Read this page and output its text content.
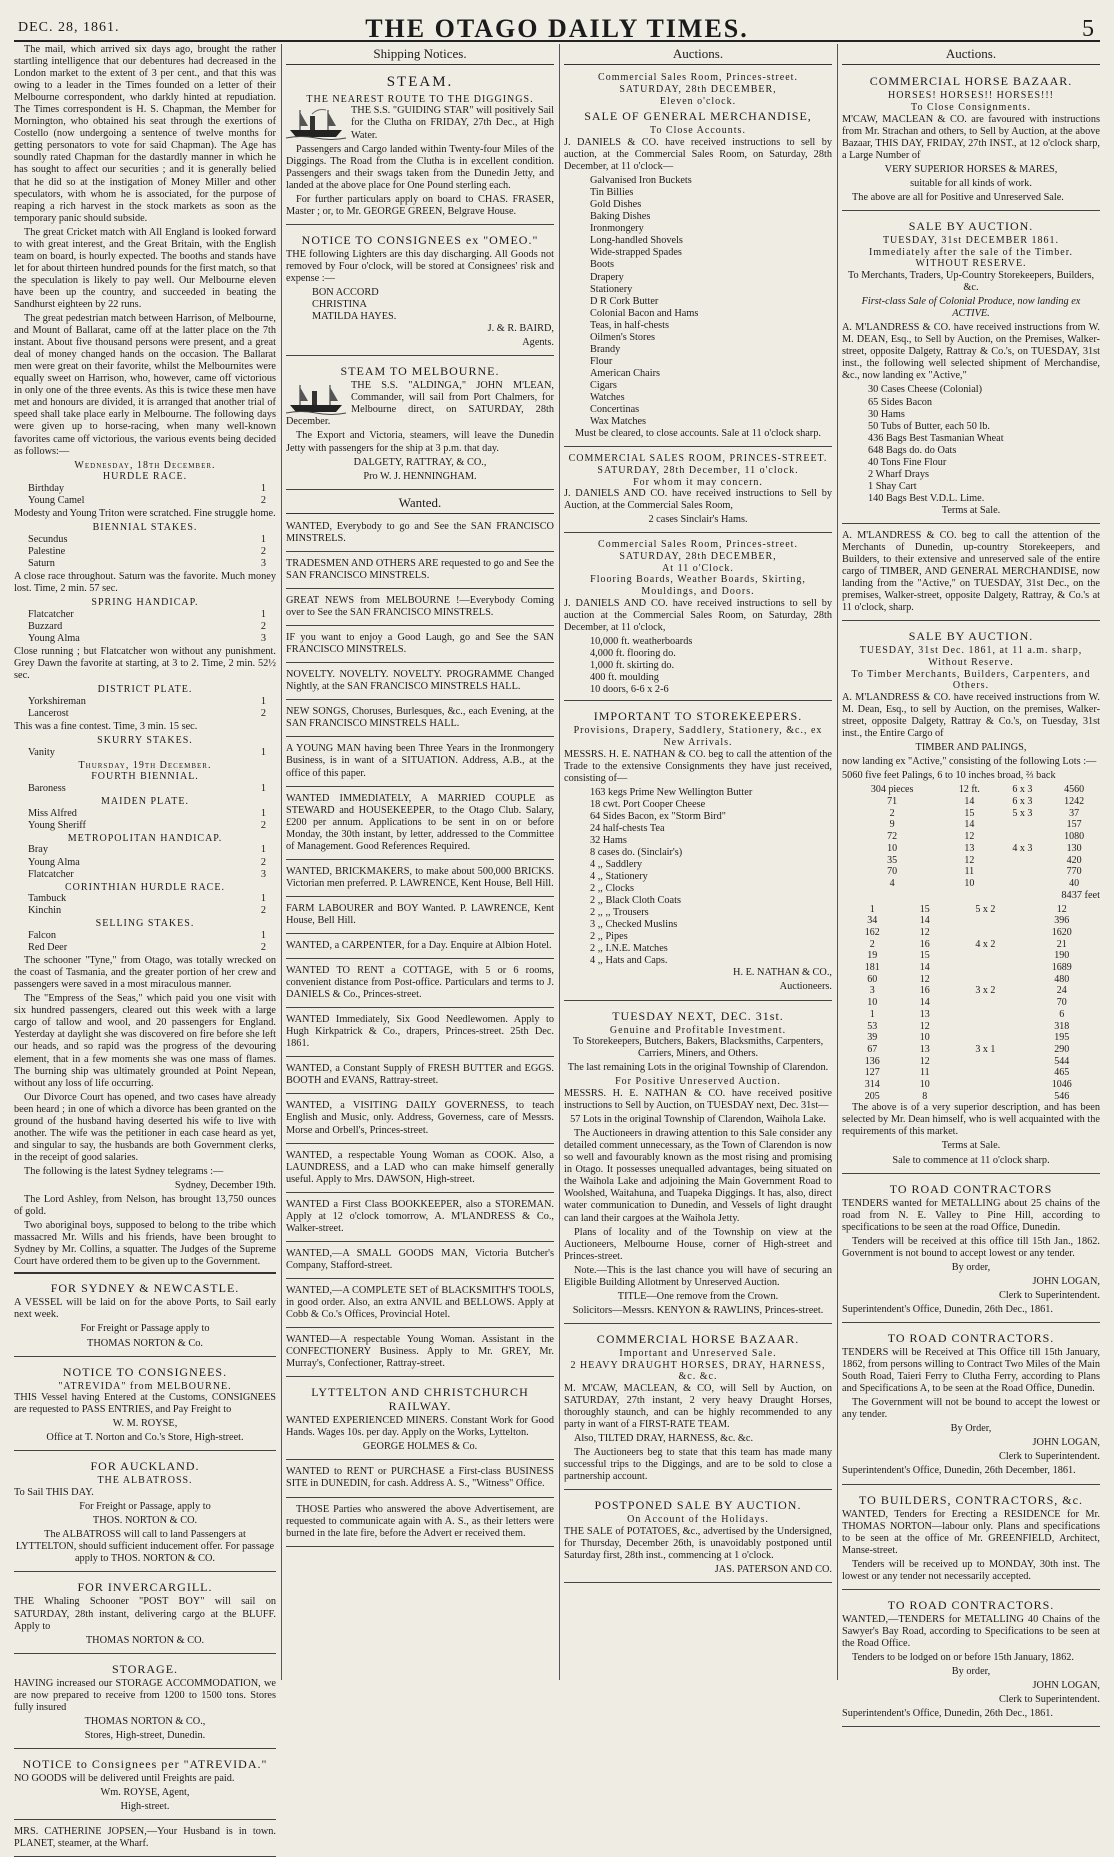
DEC. 28, 1861.	THE OTAGO DAILY TIMES.	5

The mail, which arrived six days ago, brought the rather startling intelligence that our debentures had decreased in the London market to the extent of 3 per cent., and that this was owing to a leader in the Times founded on a letter of their Melbourne correspondent, who darkly hinted at repudiation. The Times correspondent is H. S. Chapman, the Member for Mornington, who obtained his seat through the exertions of Costello (now undergoing a sentence of twelve months for getting personators to vote for said Chapman). The Age has soundly rated Chapman for the dastardly manner in which he has sought to affect our securities ; and it is generally belied that he did so at the instigation of Money Miller and other speculators, with whom he is associated, for the purpose of reaping a rich harvest in the stock markets as soon as the temporary panic should subside.

The great Cricket match with All England is looked forward to with great interest, and the Great Britain, with the English team on board, is hourly expected. The booths and stands have let for about thirteen hundred pounds for the first match, so that the speculation is likely to pay well. Our Melbourne eleven have been up the country, and succeeded in beating the Sandhurst eighteen by 22 runs.

The great pedestrian match between Harrison, of Melbourne, and Mount of Ballarat, came off at the latter place on the 7th instant. About five thousand persons were present, and a great deal of money changed hands on the occasion. The Ballarat men were great on their favorite, whilst the Melbournites were equally sweet on Harrison, who, however, came off victorious in only one of the three events. As this is twice these men have met and honours are divided, it is arranged that another trial of speed shall take place early in Melbourne. The following days were given up to horse-racing, when many well-known favorites came off victorious, the various events being decided as follows:—

Wednesday, 18th December.
HURDLE RACE.
Birthday	1
Young Camel	2

Modesty and Young Triton were scratched. Fine struggle home.

BIENNIAL STAKES.
Secundus	1
Palestine	2
Saturn	3

A close race throughout. Saturn was the favorite. Much money lost. Time, 2 min. 57 sec.

SPRING HANDICAP.
Flatcatcher	1
Buzzard	2
Young Alma	3

Close running ; but Flatcatcher won without any punishment. Grey Dawn the favorite at starting, at 3 to 2. Time, 2 min. 52½ sec.

DISTRICT PLATE.
Yorkshireman	1
Lancerost	2

This was a fine contest. Time, 3 min. 15 sec.

SKURRY STAKES.
Vanity	1
Thursday, 19th December.
FOURTH BIENNIAL.
Baroness	1
MAIDEN PLATE.
Miss Alfred	1
Young Sheriff	2
METROPOLITAN HANDICAP.
Bray	1
Young Alma	2
Flatcatcher	3
CORINTHIAN HURDLE RACE.
Tambuck	1
Kinchin	2
SELLING STAKES.
Falcon	1
Red Deer	2

The schooner "Tyne," from Otago, was totally wrecked on the coast of Tasmania, and the greater portion of her crew and passengers were saved in a most miraculous manner.

The "Empress of the Seas," which paid you one visit with six hundred passengers, cleared out this week with a large cargo of tallow and wool, and 20 passengers for England. Yesterday at daylight she was discovered on fire before she left our heads, and so rapid was the progress of the devouring element, that in a few moments she was one mass of flames. The burning ship was ultimately grounded at Point Nepean, without any loss of life occurring.

Our Divorce Court has opened, and two cases have already been heard ; in one of which a divorce has been granted on the ground of the husband having deserted his wife to live with another. The wife was the petitioner in each case heard as yet, and singular to say, the husbands are both Government clerks, in the receipt of good salaries.

The following is the latest Sydney telegrams :—

Sydney, December 19th.

The Lord Ashley, from Nelson, has brought 13,750 ounces of gold.

Two aboriginal boys, supposed to belong to the tribe which massacred Mr. Wills and his friends, have been brought to Sydney by Mr. Collins, a squatter. The Judges of the Supreme Court have ordered them to be given up to the Government.

FOR SYDNEY & NEWCASTLE.

A VESSEL will be laid on for the above Ports, to Sail early next week.

For Freight or Passage apply to

THOMAS NORTON & Co.

NOTICE TO CONSIGNEES.
"ATREVIDA" from MELBOURNE.

THIS Vessel having Entered at the Customs, CONSIGNEES are requested to PASS ENTRIES, and Pay Freight to

W. M. ROYSE,

Office at T. Norton and Co.'s Store, High-street.

FOR AUCKLAND.
THE ALBATROSS.

To Sail THIS DAY.

For Freight or Passage, apply to

THOS. NORTON & CO.

The ALBATROSS will call to land Passengers at LYTTELTON, should sufficient inducement offer. For passage apply to THOS. NORTON & CO.

FOR INVERCARGILL.

THE Whaling Schooner "POST BOY" will sail on SATURDAY, 28th instant, delivering cargo at the BLUFF. Apply to

THOMAS NORTON & CO.

STORAGE.

HAVING increased our STORAGE ACCOMMODATION, we are now prepared to receive from 1200 to 1500 tons. Stores fully insured

THOMAS NORTON & CO.,

Stores, High-street, Dunedin.

NOTICE to Consignees per "ATREVIDA."

NO GOODS will be delivered until Freights are paid.

Wm. ROYSE, Agent,

High-street.

MRS. CATHERINE JOPSEN,—Your Husband is in town. PLANET, steamer, at the Wharf.

Shipping Notices.
STEAM.
THE NEAREST ROUTE TO THE DIGGINGS.

THE S.S. "GUIDING STAR" will positively Sail for the Clutha on FRIDAY, 27th Dec., at High Water.

Passengers and Cargo landed within Twenty-four Miles of the Diggings. The Road from the Clutha is in excellent condition. Passengers and their swags taken from the Dunedin Jetty, and landed at the above place for One Pound sterling each.

For further particulars apply on board to CHAS. FRASER, Master ; or, to Mr. GEORGE GREEN, Belgrave House.

NOTICE TO CONSIGNEES ex "OMEO."

THE following Lighters are this day discharging. All Goods not removed by Four o'clock, will be stored at Consignees' risk and expense :—

BON ACCORD
CHRISTINA
MATILDA HAYES.

J. & R. BAIRD,

Agents.

STEAM TO MELBOURNE.

THE S.S. "ALDINGA," JOHN M'LEAN, Commander, will sail from Port Chalmers, for Melbourne direct, on SATURDAY, 28th December.

The Export and Victoria, steamers, will leave the Dunedin Jetty with passengers for the ship at 3 p.m. that day.

DALGETY, RATTRAY, & CO.,

Pro W. J. HENNINGHAM.

Wanted.

WANTED, Everybody to go and See the SAN FRANCISCO MINSTRELS.

TRADESMEN AND OTHERS ARE requested to go and See the SAN FRANCISCO MINSTRELS.

GREAT NEWS from MELBOURNE !—Everybody Coming over to See the SAN FRANCISCO MINSTRELS.

IF you want to enjoy a Good Laugh, go and See the SAN FRANCISCO MINSTRELS.

NOVELTY. NOVELTY. NOVELTY. PROGRAMME Changed Nightly, at the SAN FRANCISCO MINSTRELS HALL.

NEW SONGS, Choruses, Burlesques, &c., each Evening, at the SAN FRANCISCO MINSTRELS HALL.

A YOUNG MAN having been Three Years in the Ironmongery Business, is in want of a SITUATION. Address, A.B., at the office of this paper.

WANTED IMMEDIATELY, A MARRIED COUPLE as STEWARD and HOUSEKEEPER, to the Otago Club. Salary, £200 per annum. Applications to be sent in on or before Monday, the 30th instant, by letter, addressed to the Committee of Management. Good References Required.

WANTED, BRICKMAKERS, to make about 500,000 BRICKS. Victorian men preferred. P. LAWRENCE, Kent House, Bell Hill.

FARM LABOURER and BOY Wanted. P. LAWRENCE, Kent House, Bell Hill.

WANTED, a CARPENTER, for a Day. Enquire at Albion Hotel.

WANTED TO RENT a COTTAGE, with 5 or 6 rooms, convenient distance from Post-office. Particulars and terms to J. DANIELS & Co., Princes-street.

WANTED Immediately, Six Good Needlewomen. Apply to Hugh Kirkpatrick & Co., drapers, Princes-street. 25th Dec. 1861.

WANTED, a Constant Supply of FRESH BUTTER and EGGS. BOOTH and EVANS, Rattray-street.

WANTED, a VISITING DAILY GOVERNESS, to teach English and Music, only. Address, Governess, care of Messrs. Morse and Orbell's, Princes-street.

WANTED, a respectable Young Woman as COOK. Also, a LAUNDRESS, and a LAD who can make himself generally useful. Apply to Mrs. DAWSON, High-street.

WANTED a First Class BOOKKEEPER, also a STOREMAN. Apply at 12 o'clock tomorrow, A. M'LANDRESS & Co., Walker-street.

WANTED,—A SMALL GOODS MAN, Victoria Butcher's Company, Stafford-street.

WANTED,—A COMPLETE SET of BLACKSMITH'S TOOLS, in good order. Also, an extra ANVIL and BELLOWS. Apply at Cobb & Co.'s Offices, Provincial Hotel.

WANTED—A respectable Young Woman. Assistant in the CONFECTIONERY Business. Apply to Mr. GREY, Mr. Murray's, Confectioner, Rattray-street.

LYTTELTON AND CHRISTCHURCH RAILWAY.

WANTED EXPERIENCED MINERS. Constant Work for Good Hands. Wages 10s. per day. Apply on the Works, Lyttelton.

GEORGE HOLMES & Co.

WANTED to RENT or PURCHASE a First-class BUSINESS SITE in DUNEDIN, for cash. Address A. S., "Witness" Office.

THOSE Parties who answered the above Advertisement, are requested to communicate again with A. S., as their letters were burned in the late fire, before the Advert er received them.

Auctions.
Commercial Sales Room, Princes-street.
SATURDAY, 28th DECEMBER,
Eleven o'clock.
SALE OF GENERAL MERCHANDISE,
To Close Accounts.

J. DANIELS & CO. have received instructions to sell by auction, at the Commercial Sales Room, on Saturday, 28th December, at 11 o'clock—

Galvanised Iron Buckets
Tin Billies
Gold Dishes
Baking Dishes
Ironmongery
Long-handled Shovels
Wide-strapped Spades
Boots
Drapery
Stationery
D R Cork Butter
Colonial Bacon and Hams
Teas, in half-chests
Oilmen's Stores
Brandy
Flour
American Chairs
Cigars
Watches
Concertinas
Wax Matches

Must be cleared, to close accounts. Sale at 11 o'clock sharp.

COMMERCIAL SALES ROOM, PRINCES-STREET.
SATURDAY, 28th December, 11 o'clock.
For whom it may concern.

J. DANIELS AND CO. have received instructions to Sell by Auction, at the Commercial Sales Room,

2 cases Sinclair's Hams.

Commercial Sales Room, Princes-street.
SATURDAY, 28th DECEMBER,
At 11 o'Clock.
Flooring Boards, Weather Boards, Skirting, Mouldings, and Doors.

J. DANIELS AND CO. have received instructions to sell by auction at the Commercial Sales Room, on Saturday, 28th December, at 11 o'clock,

10,000 ft. weatherboards
4,000 ft. flooring do.
1,000 ft. skirting do.
400 ft. moulding
10 doors, 6-6 x 2-6
IMPORTANT TO STOREKEEPERS.
Provisions, Drapery, Saddlery, Stationery, &c., ex New Arrivals.

MESSRS. H. E. NATHAN & CO. beg to call the attention of the Trade to the extensive Consignments they have just received, consisting of—

163 kegs Prime New Wellington Butter
18 cwt. Port Cooper Cheese
64 Sides Bacon, ex "Storm Bird"
24 half-chests Tea
32 Hams
8 cases do. (Sinclair's)
4 ,, Saddlery
4 ,, Stationery
2 ,, Clocks
2 ,, Black Cloth Coats
2 ,, ,, Trousers
3 ,, Checked Muslins
2 ,, Pipes
2 ,, I.N.E. Matches
4 ,, Hats and Caps.

H. E. NATHAN & CO.,

Auctioneers.

TUESDAY NEXT, DEC. 31st.
Genuine and Profitable Investment.

To Storekeepers, Butchers, Bakers, Blacksmiths, Carpenters, Carriers, Miners, and Others.

The last remaining Lots in the original Township of Clarendon.

For Positive Unreserved Auction.

MESSRS. H. E. NATHAN & CO. have received positive instructions to Sell by Auction, on TUESDAY next, Dec. 31st—

57 Lots in the original Township of Clarendon, Waihola Lake.

The Auctioneers in drawing attention to this Sale consider any detailed comment unnecessary, as the Town of Clarendon is now so well and favourably known as the most rising and promising in Otago. It possesses unequalled advantages, being situated on the Waihola Lake and adjoining the Main Government Road to Woolshed, Waitahuna, and Tuapeka Diggings. It has, also, direct water communication to Dunedin, and Vessels of light draught can land their cargoes at the Waihola Jetty.

Plans of locality and of the Township on view at the Auctioneers, Melbourne House, corner of High-street and Princes-street.

Note.—This is the last chance you will have of securing an Eligible Building Allotment by Unreserved Auction.

TITLE—One remove from the Crown.

Solicitors—Messrs. KENYON & RAWLINS, Princes-street.

COMMERCIAL HORSE BAZAAR.
Important and Unreserved Sale.
2 HEAVY DRAUGHT HORSES, DRAY, HARNESS, &c. &c.

M. M'CAW, MACLEAN, & CO, will Sell by Auction, on SATURDAY, 27th instant, 2 very heavy Draught Horses, thoroughly staunch, and can be highly recommended to any party in want of a FIRST-RATE TEAM.

Also, TILTED DRAY, HARNESS, &c. &c.

The Auctioneers beg to state that this team has made many successful trips to the Diggings, and are to be sold to close a partnership account.

POSTPONED SALE BY AUCTION.
On Account of the Holidays.

THE SALE of POTATOES, &c., advertised by the Undersigned, for Thursday, December 26th, is unavoidably postponed until Saturday first, 28th inst., commencing at 1 o'clock.

JAS. PATERSON AND CO.

Auctions.
COMMERCIAL HORSE BAZAAR.
HORSES! HORSES!! HORSES!!!
To Close Consignments.

M'CAW, MACLEAN & CO. are favoured with instructions from Mr. Strachan and others, to Sell by Auction, at the above Bazaar, THIS DAY, FRIDAY, 27th INST., at 12 o'clock sharp, a Large Number of

VERY SUPERIOR HORSES & MARES,

suitable for all kinds of work.

The above are all for Positive and Unreserved Sale.

SALE BY AUCTION.
TUESDAY, 31st DECEMBER 1861.
Immediately after the sale of the Timber.
WITHOUT RESERVE.

To Merchants, Traders, Up-Country Storekeepers, Builders, &c.

First-class Sale of Colonial Produce, now landing ex ACTIVE.

A. M'LANDRESS & CO. have received instructions from W. M. DEAN, Esq., to Sell by Auction, on the Premises, Walker-street, opposite Dalgety, Rattray & Co.'s, on TUESDAY, 31st inst., the following well selected shipment of Merchandise, &c., now landing ex "Active,"

30 Cases Cheese (Colonial)
65 Sides Bacon
30 Hams
50 Tubs of Butter, each 50 lb.
436 Bags Best Tasmanian Wheat
648 Bags do. do Oats
40 Tons Fine Flour
2 Wharf Drays
1 Shay Cart
140 Bags Best V.D.L. Lime.

Terms at Sale.

A. M'LANDRESS & CO. beg to call the attention of the Merchants of Dunedin, up-country Storekeepers, and Builders, to their extensive and unreserved sale of the entire cargo of TIMBER, AND GENERAL MERCHANDISE, now landing from the "Active," on TUESDAY, 31st Dec., on the premises, Walker-street, opposite Dalgety, Rattray, & Co.'s at 11 o'clock, sharp.

SALE BY AUCTION.
TUESDAY, 31st Dec. 1861, at 11 a.m. sharp, Without Reserve.
To Timber Merchants, Builders, Carpenters, and Others.

A. M'LANDRESS & CO. have received instructions from W. M. Dean, Esq., to sell by Auction, on the premises, Walker-street, opposite Dalgety, Rattray & Co.'s, on Tuesday, 31st inst., the Entire Cargo of

TIMBER AND PALINGS,

now landing ex "Active," consisting of the following Lots :—

5060 five feet Palings, 6 to 10 inches broad, ⅔ back

304 pieces	12 ft.	6 x 3	4560
71	14	6 x 3	1242
2	15	5 x 3	37
9	14		157
72	12		1080
10	13	4 x 3	130
35	12		420
70	11		770
4	10		40

8437 feet

1	15	5 x 2	12
34	14		396
162	12		1620
2	16	4 x 2	21
19	15		190
181	14		1689
60	12		480
3	16	3 x 2	24
10	14		70
1	13		6
53	12		318
39	10		195
67	13	3 x 1	290
136	12		544
127	11		465
314	10		1046
205	8		546

The above is of a very superior description, and has been selected by Mr. Dean himself, who is well acquainted with the requirements of this market.

Terms at Sale.

Sale to commence at 11 o'clock sharp.

TO ROAD CONTRACTORS

TENDERS wanted for METALLING about 25 chains of the road from N. E. Valley to Pine Hill, according to specifications to be seen at the road Office, Dunedin.

Tenders will be received at this office till 15th Jan., 1862. Government is not bound to accept lowest or any tender.

By order,

JOHN LOGAN,

Clerk to Superintendent.

Superintendent's Office, Dunedin, 26th Dec., 1861.

TO ROAD CONTRACTORS.

TENDERS will be Received at This Office till 15th January, 1862, from persons willing to Contract Two Miles of the Main South Road, Taieri Ferry to Clutha Ferry, according to Plans and Specifications A, to be seen at the Road Office, Dunedin.

The Government will not be bound to accept the lowest or any tender.

By Order,

JOHN LOGAN,

Clerk to Superintendent.

Superintendent's Office, Dunedin, 26th December, 1861.

TO BUILDERS, CONTRACTORS, &c.

WANTED, Tenders for Erecting a RESIDENCE for Mr. THOMAS NORTON—labour only. Plans and specifications to be seen at the office of Mr. GREENFIELD, Architect, Manse-street.

Tenders will be received up to MONDAY, 30th inst. The lowest or any tender not necessarily accepted.

TO ROAD CONTRACTORS.

WANTED,—TENDERS for METALLING 40 Chains of the Sawyer's Bay Road, according to Specifications to be seen at the Road Office.

Tenders to be lodged on or before 15th January, 1862.

By order,

JOHN LOGAN,

Clerk to Superintendent.

Superintendent's Office, Dunedin, 26th Dec., 1861.
